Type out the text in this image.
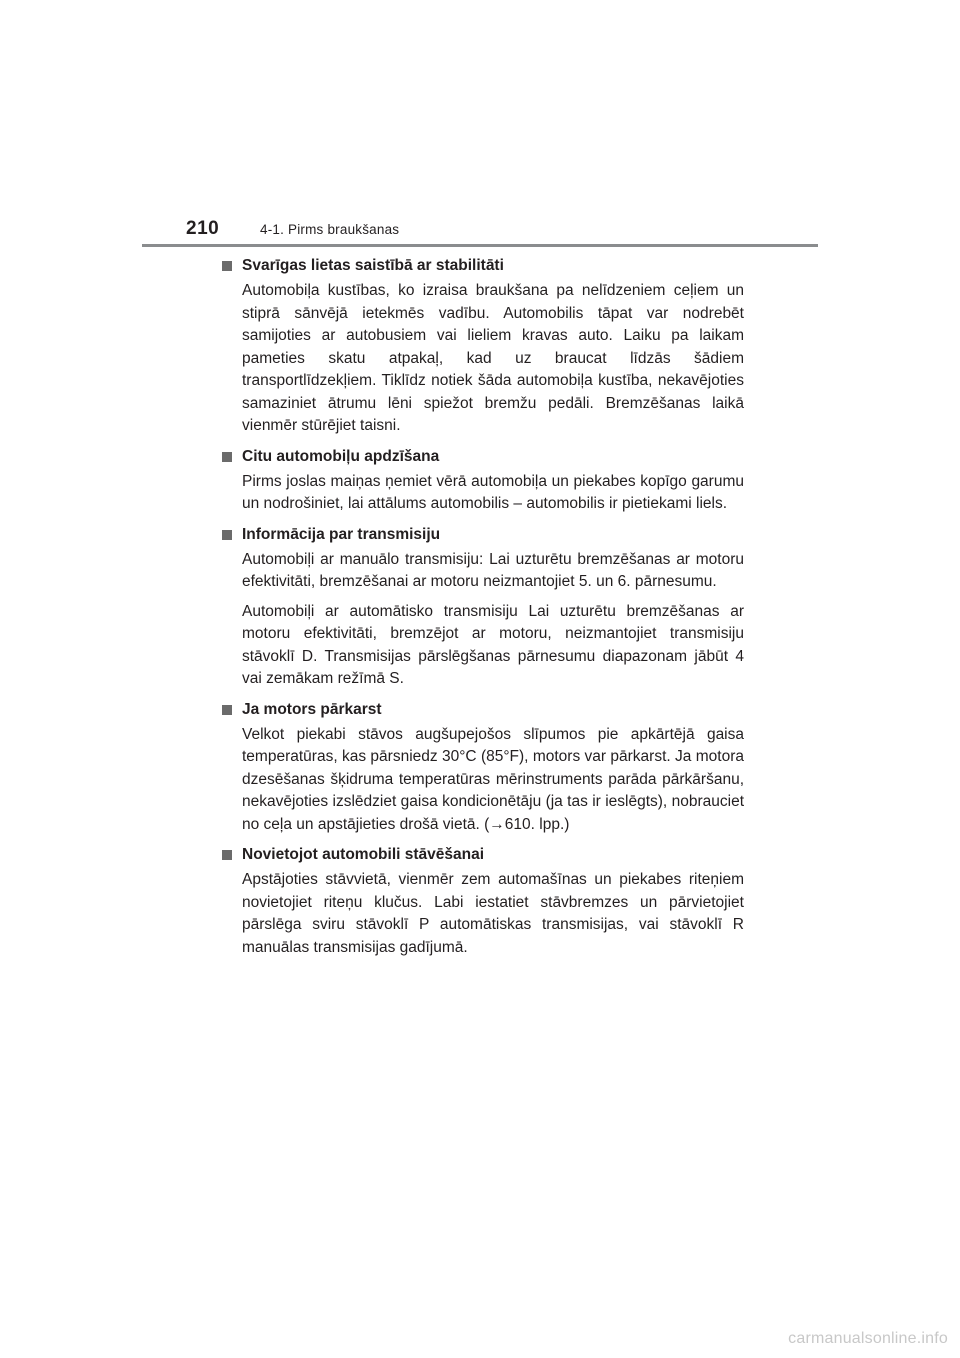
210	4-1. Pirms braukšanas
Svarīgas lietas saistībā ar stabilitāti

Automobiļa kustības, ko izraisa braukšana pa nelīdzeniem ceļiem un stiprā sānvējā ietekmēs vadību. Automobilis tāpat var nodrebēt samijoties ar autobusiem vai lieliem kravas auto. Laiku pa laikam pameties skatu atpakaļ, kad uz braucat līdzās šādiem transportlīdzekļiem. Tiklīdz notiek šāda automobiļa kustība, nekavējoties samaziniet ātrumu lēni spiežot bremžu pedāli. Bremzēšanas laikā vienmēr stūrējiet taisni.

Citu automobiļu apdzīšana

Pirms joslas maiņas ņemiet vērā automobiļa un piekabes kopīgo garumu un nodrošiniet, lai attālums automobilis – automobilis ir pietiekami liels.

Informācija par transmisiju

Automobiļi ar manuālo transmisiju: Lai uzturētu bremzēšanas ar motoru efektivitāti, bremzēšanai ar motoru neizmantojiet 5. un 6. pārnesumu.

Automobiļi ar automātisko transmisiju Lai uzturētu bremzēšanas ar motoru efektivitāti, bremzējot ar motoru, neizmantojiet transmisiju stāvoklī D. Transmisijas pārslēgšanas pārnesumu diapazonam jābūt 4 vai zemākam režīmā S.

Ja motors pārkarst

Velkot piekabi stāvos augšupejošos slīpumos pie apkārtējā gaisa temperatūras, kas pārsniedz 30°C (85°F), motors var pārkarst. Ja motora dzesēšanas šķidruma temperatūras mērinstruments parāda pārkāršanu, nekavējoties izslēdziet gaisa kondicionētāju (ja tas ir ieslēgts), nobrauciet no ceļa un apstājieties drošā vietā. (→610. lpp.)

Novietojot automobili stāvēšanai

Apstājoties stāvvietā, vienmēr zem automašīnas un piekabes riteņiem novietojiet riteņu klučus. Labi iestatiet stāvbremzes un pārvietojiet pārslēga sviru stāvoklī P automātiskas transmisijas, vai stāvoklī R manuālas transmisijas gadījumā.

carmanualsonline.info
